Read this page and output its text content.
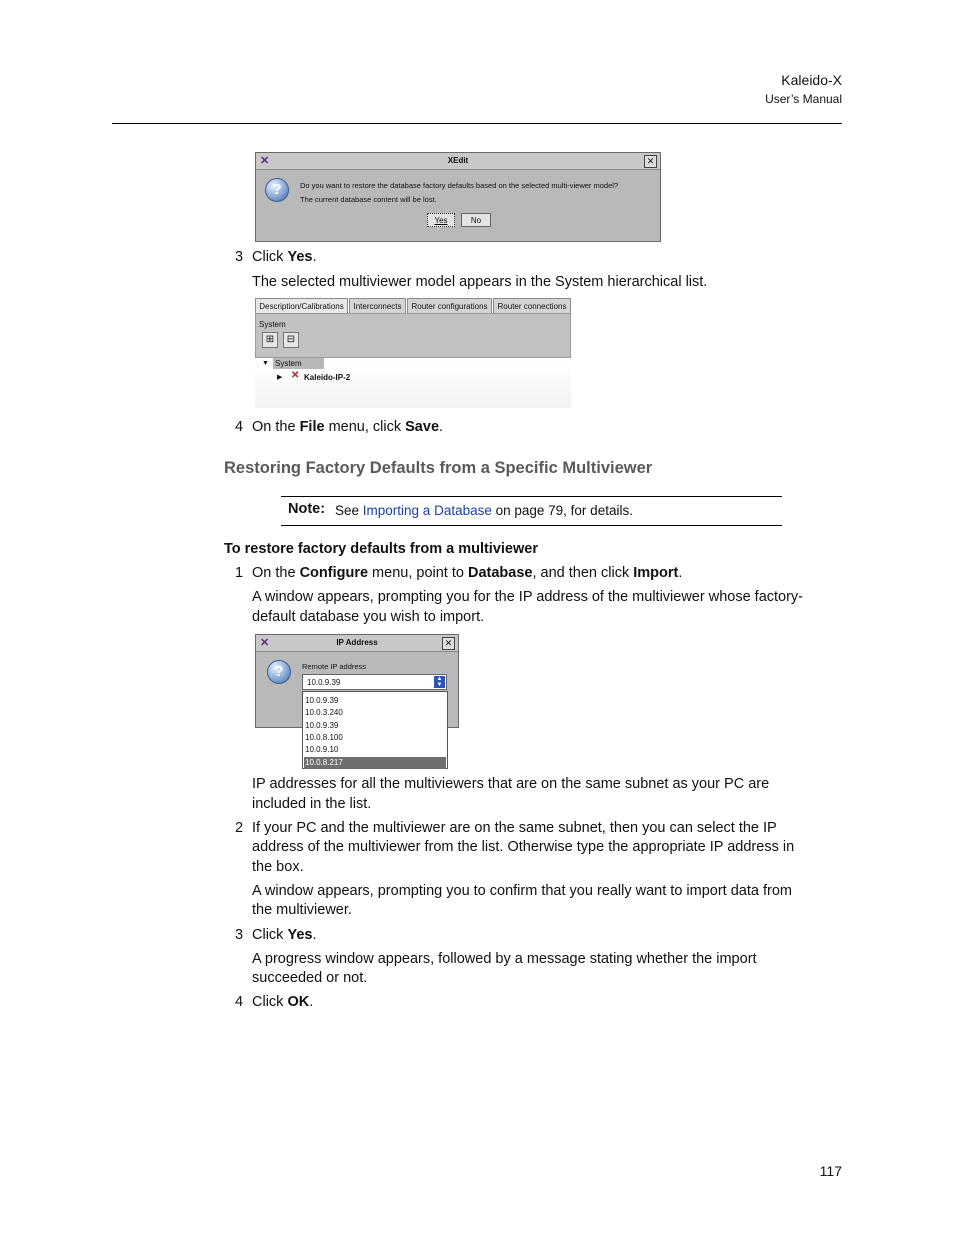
Kaleido-X
User’s Manual
✕	XEdit	✕
?	Do you want to restore the database factory defaults based on the selected multi-viewer model?
The current database content will be lost.
Yes	No
3 Click Yes.
The selected multiviewer model appears in the System hierarchical list.
Description/Calibrations	Interconnects	Router configurations	Router connections
System
⊞	⊟
▼ System
▶ ✕ Kaleido-IP-2
4 On the File menu, click Save.
Restoring Factory Defaults from a Specific Multiviewer
Note: See Importing a Database on page 79, for details.
To restore factory defaults from a multiviewer
1 On the Configure menu, point to Database, and then click Import.
A window appears, prompting you for the IP address of the multiviewer whose factory-
default database you wish to import.
✕	IP Address	✕
?	Remote IP address
10.0.9.39	▲
▼
10.0.9.39
10.0.3.240
10.0.9.39
10.0.8.100
10.0.9.10
10.0.8.217
IP addresses for all the multiviewers that are on the same subnet as your PC are
included in the list.
2 If your PC and the multiviewer are on the same subnet, then you can select the IP
address of the multiviewer from the list. Otherwise type the appropriate IP address in
the box.
A window appears, prompting you to confirm that you really want to import data from
the multiviewer.
3 Click Yes.
A progress window appears, followed by a message stating whether the import
succeeded or not.
4 Click OK.
117
